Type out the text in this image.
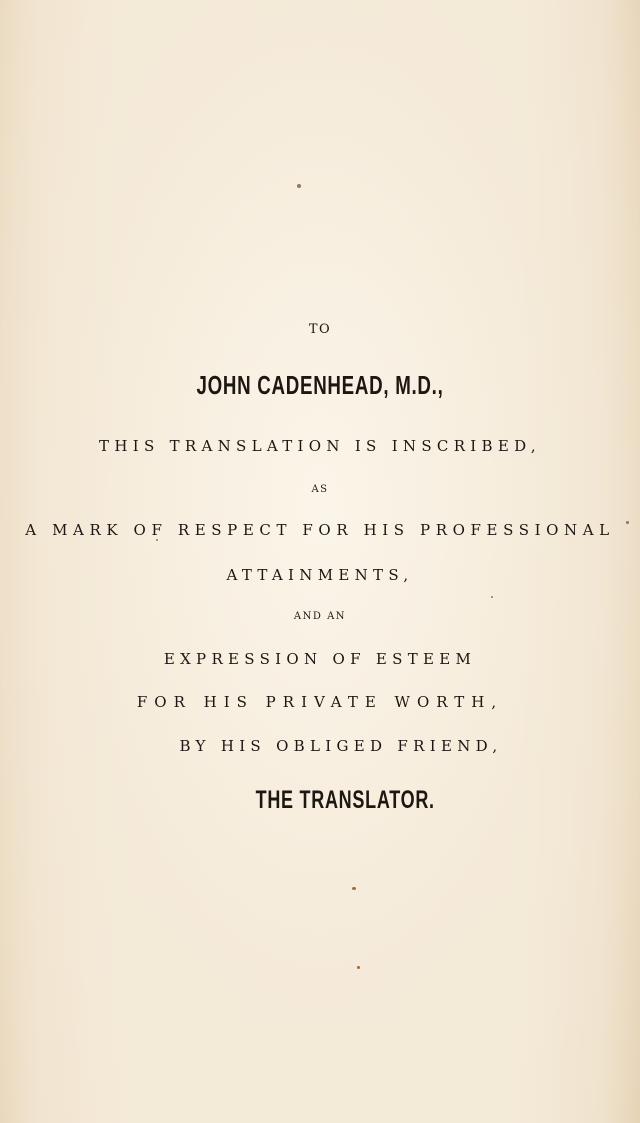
TO
JOHN CADENHEAD, M.D.,
THIS TRANSLATION IS INSCRIBED,
AS
A MARK OF RESPECT FOR HIS PROFESSIONAL
ATTAINMENTS,
AND AN
EXPRESSION OF ESTEEM
FOR HIS PRIVATE WORTH,
BY HIS OBLIGED FRIEND,
THE TRANSLATOR.
